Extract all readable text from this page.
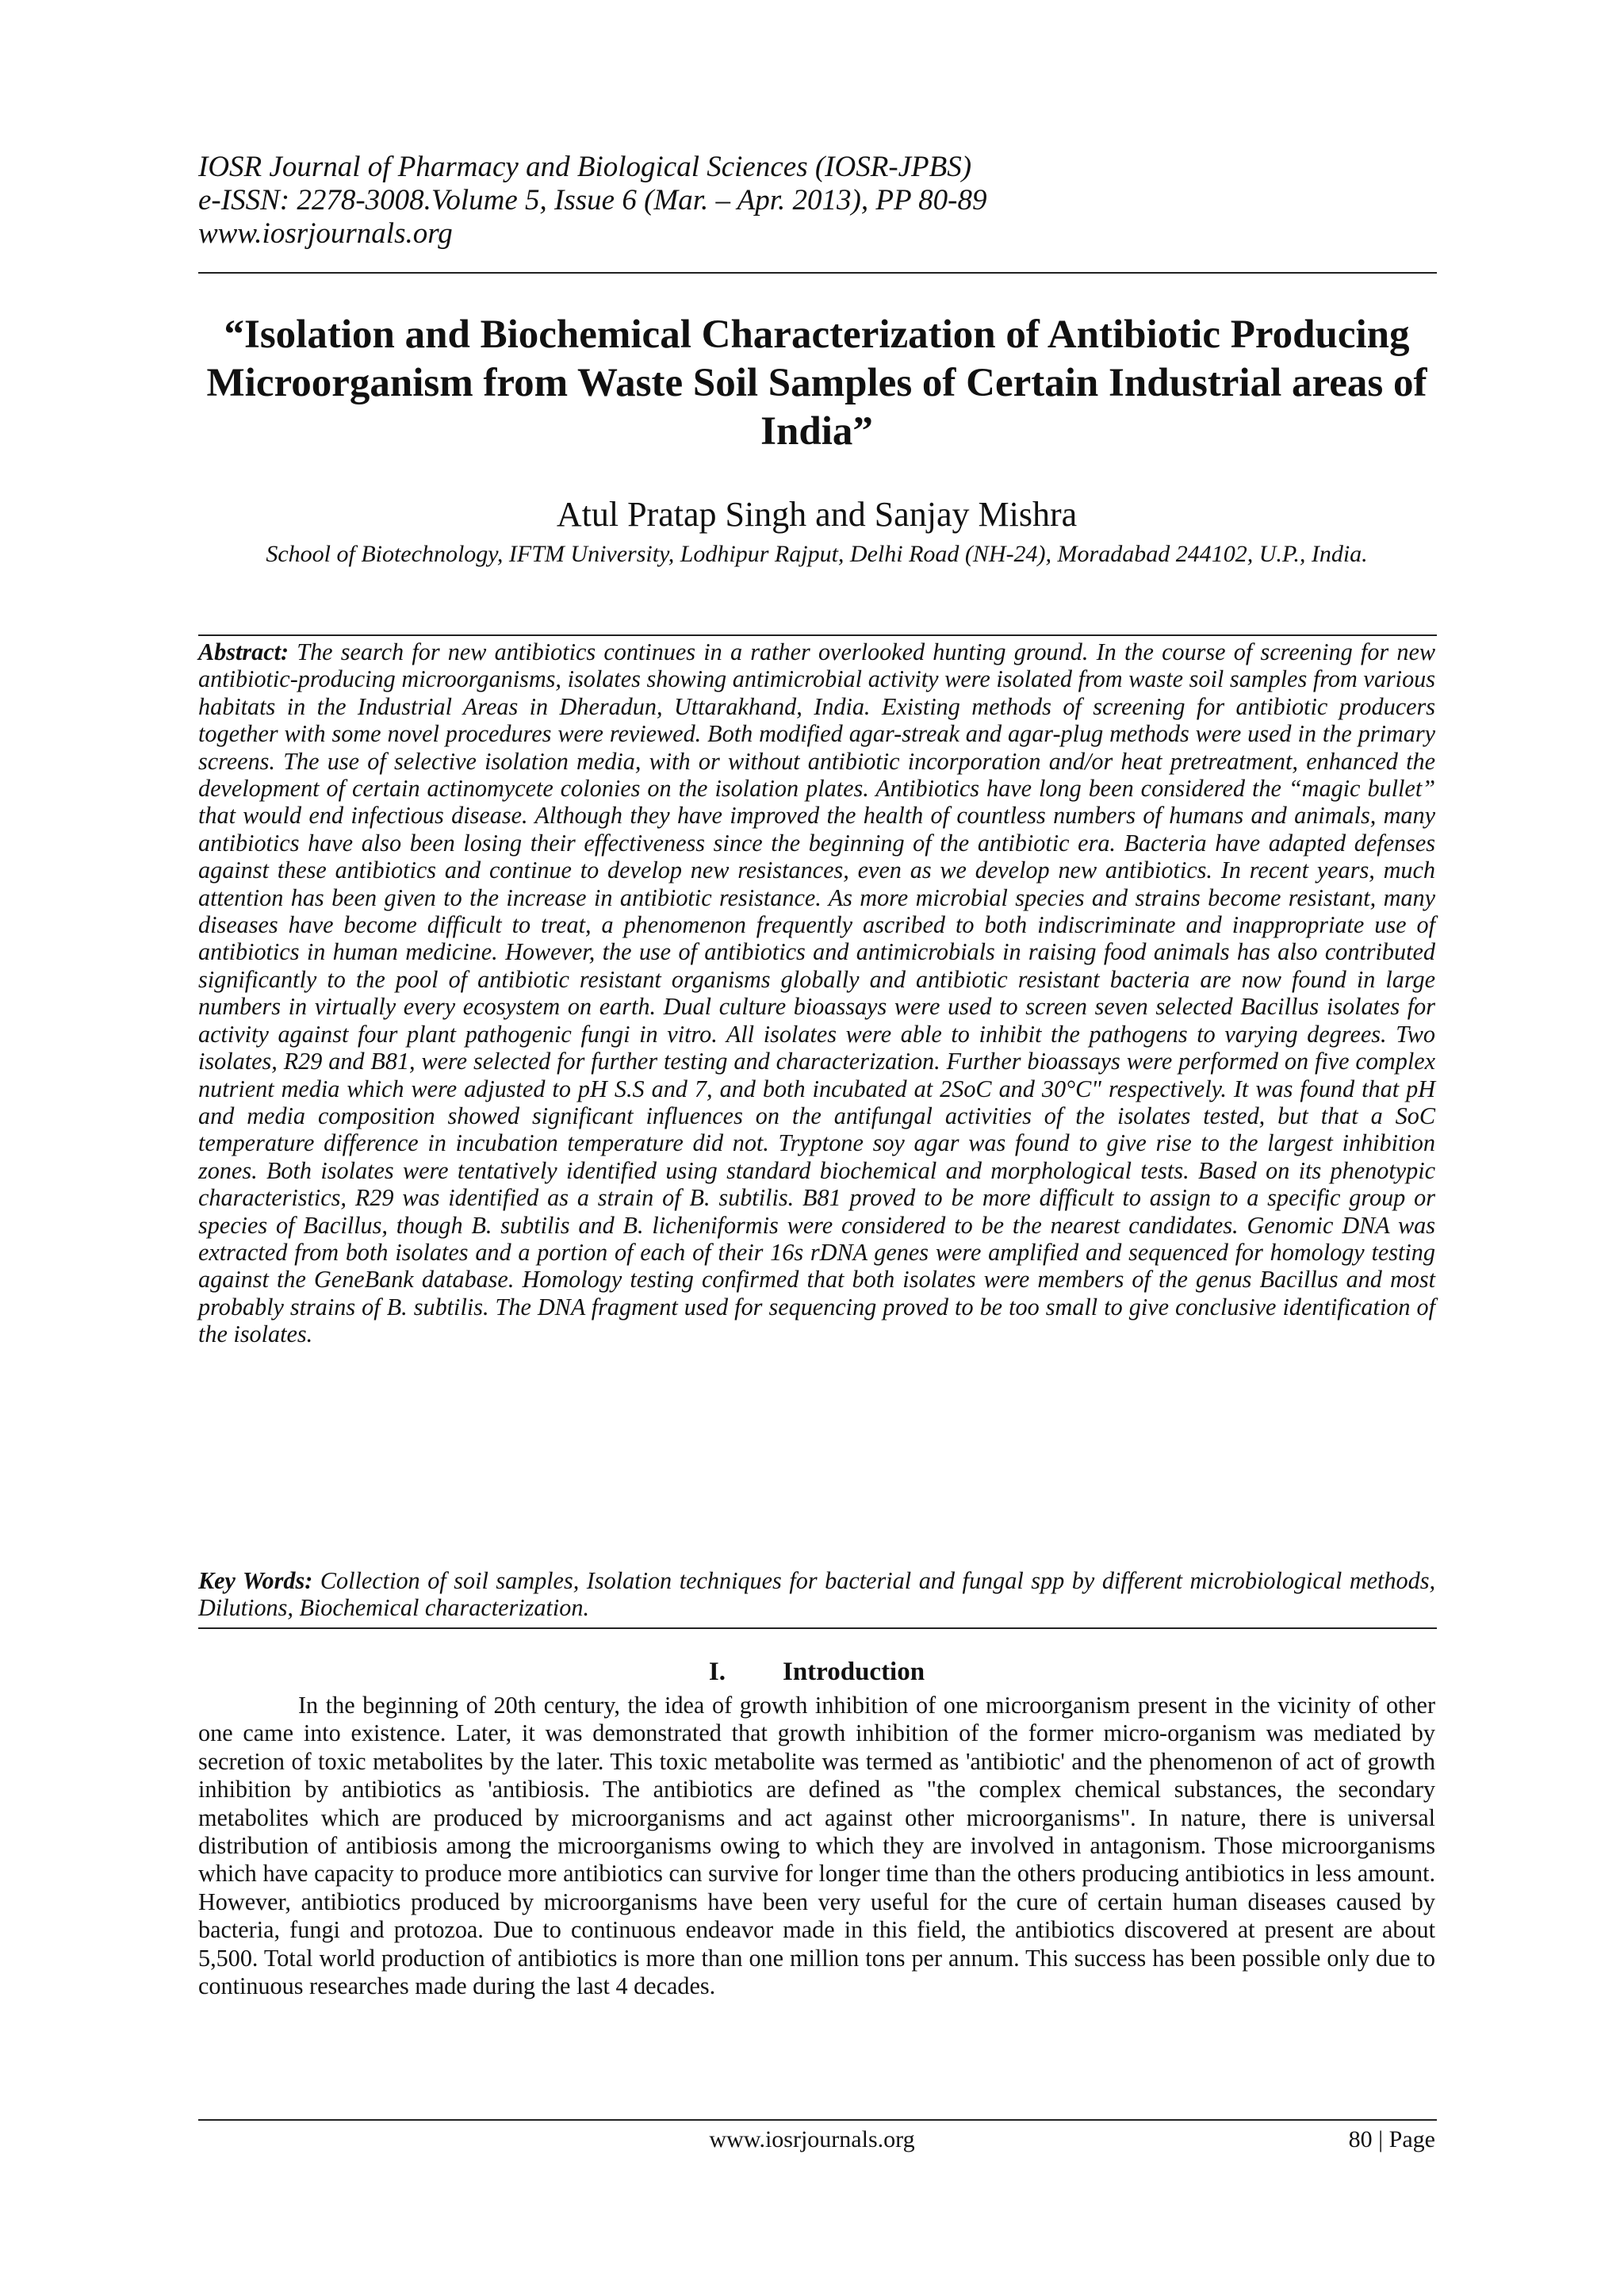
IOSR Journal of Pharmacy and Biological Sciences (IOSR-JPBS)
e-ISSN: 2278-3008.Volume 5, Issue 6 (Mar. – Apr. 2013), PP 80-89
www.iosrjournals.org
“Isolation and Biochemical Characterization of Antibiotic Producing Microorganism from Waste Soil Samples of Certain Industrial areas of India”
Atul Pratap Singh and Sanjay Mishra
School of Biotechnology, IFTM University, Lodhipur Rajput, Delhi Road (NH-24), Moradabad 244102, U.P., India.

Abstract: The search for new antibiotics continues in a rather overlooked hunting ground. In the course of screening for new antibiotic-producing microorganisms, isolates showing antimicrobial activity were isolated from waste soil samples from various habitats in the Industrial Areas in Dheradun, Uttarakhand, India. Existing methods of screening for antibiotic producers together with some novel procedures were reviewed. Both modified agar-streak and agar-plug methods were used in the primary screens. The use of selective isolation media, with or without antibiotic incorporation and/or heat pretreatment, enhanced the development of certain actinomycete colonies on the isolation plates. Antibiotics have long been considered the “magic bullet” that would end infectious disease. Although they have improved the health of countless numbers of humans and animals, many antibiotics have also been losing their effectiveness since the beginning of the antibiotic era. Bacteria have adapted defenses against these antibiotics and continue to develop new resistances, even as we develop new antibiotics. In recent years, much attention has been given to the increase in antibiotic resistance. As more microbial species and strains become resistant, many diseases have become difficult to treat, a phenomenon frequently ascribed to both indiscriminate and inappropriate use of antibiotics in human medicine. However, the use of antibiotics and antimicrobials in raising food animals has also contributed significantly to the pool of antibiotic resistant organisms globally and antibiotic resistant bacteria are now found in large numbers in virtually every ecosystem on earth. Dual culture bioassays were used to screen seven selected Bacillus isolates for activity against four plant pathogenic fungi in vitro. All isolates were able to inhibit the pathogens to varying degrees. Two isolates, R29 and B81, were selected for further testing and characterization. Further bioassays were performed on five complex nutrient media which were adjusted to pH S.S and 7, and both incubated at 2SoC and 30°C" respectively. It was found that pH and media composition showed significant influences on the antifungal activities of the isolates tested, but that a SoC temperature difference in incubation temperature did not. Tryptone soy agar was found to give rise to the largest inhibition zones. Both isolates were tentatively identified using standard biochemical and morphological tests. Based on its phenotypic characteristics, R29 was identified as a strain of B. subtilis. B81 proved to be more difficult to assign to a specific group or species of Bacillus, though B. subtilis and B. licheniformis were considered to be the nearest candidates. Genomic DNA was extracted from both isolates and a portion of each of their 16s rDNA genes were amplified and sequenced for homology testing against the GeneBank database. Homology testing confirmed that both isolates were members of the genus Bacillus and most probably strains of B. subtilis. The DNA fragment used for sequencing proved to be too small to give conclusive identification of the isolates.

Key Words: Collection of soil samples, Isolation techniques for bacterial and fungal spp by different microbiological methods, Dilutions, Biochemical characterization.

I. Introduction

In the beginning of 20th century, the idea of growth inhibition of one microorganism present in the vicinity of other one came into existence. Later, it was demonstrated that growth inhibition of the former micro-organism was mediated by secretion of toxic metabolites by the later. This toxic metabolite was termed as 'antibiotic' and the phenomenon of act of growth inhibition by antibiotics as 'antibiosis. The antibiotics are defined as "the complex chemical substances, the secondary metabolites which are produced by microorganisms and act against other microorganisms". In nature, there is universal distribution of antibiosis among the microorganisms owing to which they are involved in antagonism. Those microorganisms which have capacity to produce more antibiotics can survive for longer time than the others producing antibiotics in less amount. However, antibiotics produced by microorganisms have been very useful for the cure of certain human diseases caused by bacteria, fungi and protozoa. Due to continuous endeavor made in this field, the antibiotics discovered at present are about 5,500. Total world production of antibiotics is more than one million tons per annum. This success has been possible only due to continuous researches made during the last 4 decades.

www.iosrjournals.org	80 | Page
